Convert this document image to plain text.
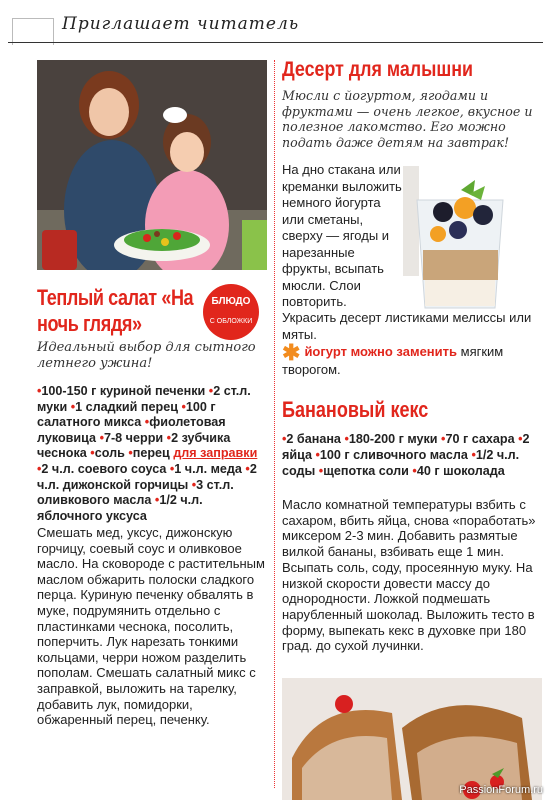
Приглашает читатель
Теплый салат «На ночь глядя»
БЛЮДО
С ОБЛОЖКИ
Идеальный выбор для сытного летнего ужина!
•100-150 г куриной печенки •2 ст.л. муки •1 сладкий перец •100 г салатного микса •фиолетовая луковица •7-8 черри •2 зубчика чеснока •соль •перец для заправки •2 ч.л. соевого соуса •1 ч.л. меда •2 ч.л. дижонской горчицы •3 ст.л. оливкового масла •1/2 ч.л. яблочного уксуса
Смешать мед, уксус, дижонскую горчицу, соевый соус и оливковое масло. На сковороде с растительным маслом обжарить полоски сладкого перца. Куриную печенку обвалять в муке, подрумянить отдельно с пластинками чеснока, посолить, поперчить. Лук нарезать тонкими кольцами, черри ножом разделить пополам. Смешать салатный микс с заправкой, выложить на тарелку, добавить лук, помидорки, обжаренный перец, печенку.
Десерт для малышни
Мюсли с йогуртом, ягодами и фруктами — очень легкое, вкусное и полезное лакомство. Его можно подать даже детям на завтрак!
На дно стакана или креманки выложить немного йогурта или сметаны, сверху — ягоды и нарезанные фрукты, всыпать мюсли. Слои повторить.
Украсить десерт листиками мелиссы или мяты.
✱ йогурт можно заменить мягким творогом.
Банановый кекс
•2 банана •180-200 г муки •70 г сахара •2 яйца •100 г сливочного масла •1/2 ч.л. соды •щепотка соли •40 г шоколада
Масло комнатной температуры взбить с сахаром, вбить яйца, снова «поработать» миксером 2-3 мин. Добавить размятые вилкой бананы, взбивать еще 1 мин. Всыпать соль, соду, просеянную муку. На низкой скорости довести массу до однородности. Ложкой подмешать нарубленный шоколад. Выложить тесто в форму, выпекать кекс в духовке при 180 град. до сухой лучинки.
PassionForum.ru
